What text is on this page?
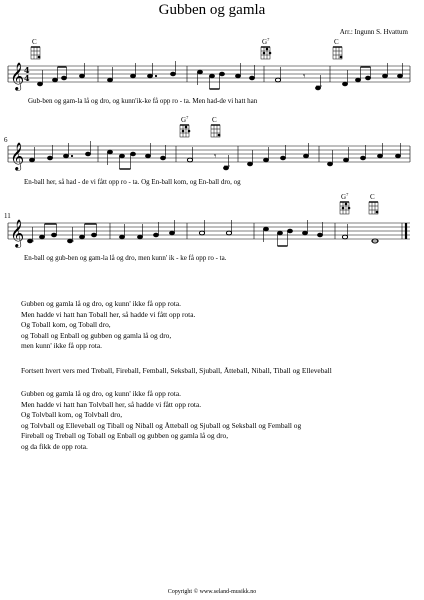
Gubben og gamla
Arr.: Ingunn S. Hvattum
𝄞
𝄞
𝄞
4
4
6
11
C	$G^7$	C
$G^7$	C
$G^7$	C
𝄾
𝄾
Gub-ben og gam-la lå og dro, og kunn'ik-ke få opp ro - ta. Men had-de vi hatt han
En-ball her, så had - de vi fått opp ro - ta. Og En-ball kom, og En-ball dro, og
En-ball og gub-ben og gam-la lå og dro, men kunn' ik - ke få opp ro - ta.
Gubben og gamla lå og dro, og kunn' ikke få opp rota.
Men hadde vi hatt han Toball her, så hadde vi fått opp rota.
Og Toball kom, og Toball dro,
og Toball og Enball og gubben og gamla lå og dro,
men kunn' ikke få opp rota.
Fortsett hvert vers med Treball, Fireball, Femball, Seksball, Sjuball, Åtteball, Niball, Tiball og Elleveball
Gubben og gamla lå og dro, og kunn' ikke få opp rota.
Men hadde vi hatt han Tolvball her, så hadde vi fått opp rota.
Og Tolvball kom, og Tolvball dro,
og Tolvball og Elleveball og Tiball og Niball og Åtteball og Sjuball og Seksball og Femball og
Fireball og Treball og Toball og Enball og gubben og gamla lå og dro,
og da fikk de opp rota.
Copyright © www.seland-musikk.no
